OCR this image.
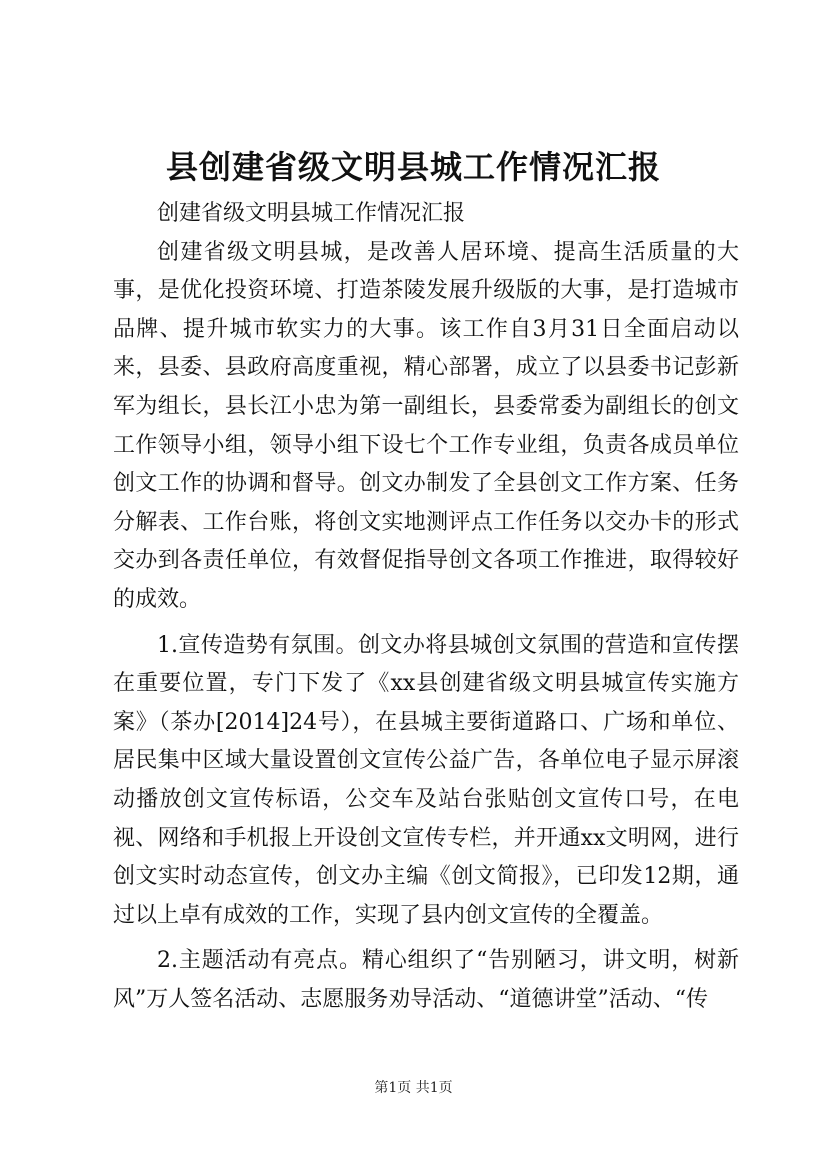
县创建省级文明县城工作情况汇报

创建省级文明县城工作情况汇报

创建省级文明县城，是改善人居环境、提高生活质量的大事，是优化投资环境、打造茶陵发展升级版的大事，是打造城市品牌、提升城市软实力的大事。该工作自3月31日全面启动以来，县委、县政府高度重视，精心部署，成立了以县委书记彭新军为组长，县长江小忠为第一副组长，县委常委为副组长的创文工作领导小组，领导小组下设七个工作专业组，负责各成员单位创文工作的协调和督导。创文办制发了全县创文工作方案、任务分解表、工作台账，将创文实地测评点工作任务以交办卡的形式交办到各责任单位，有效督促指导创文各项工作推进，取得较好的成效。

1.宣传造势有氛围。创文办将县城创文氛围的营造和宣传摆在重要位置，专门下发了《xx县创建省级文明县城宣传实施方案》（茶办[2014]24号），在县城主要街道路口、广场和单位、居民集中区域大量设置创文宣传公益广告，各单位电子显示屏滚动播放创文宣传标语，公交车及站台张贴创文宣传口号，在电视、网络和手机报上开设创文宣传专栏，并开通xx文明网，进行创文实时动态宣传，创文办主编《创文简报》，已印发12期，通过以上卓有成效的工作，实现了县内创文宣传的全覆盖。

2.主题活动有亮点。精心组织了“告别陋习，讲文明，树新风”万人签名活动、志愿服务劝导活动、“道德讲堂”活动、“传

第1页 共1页
